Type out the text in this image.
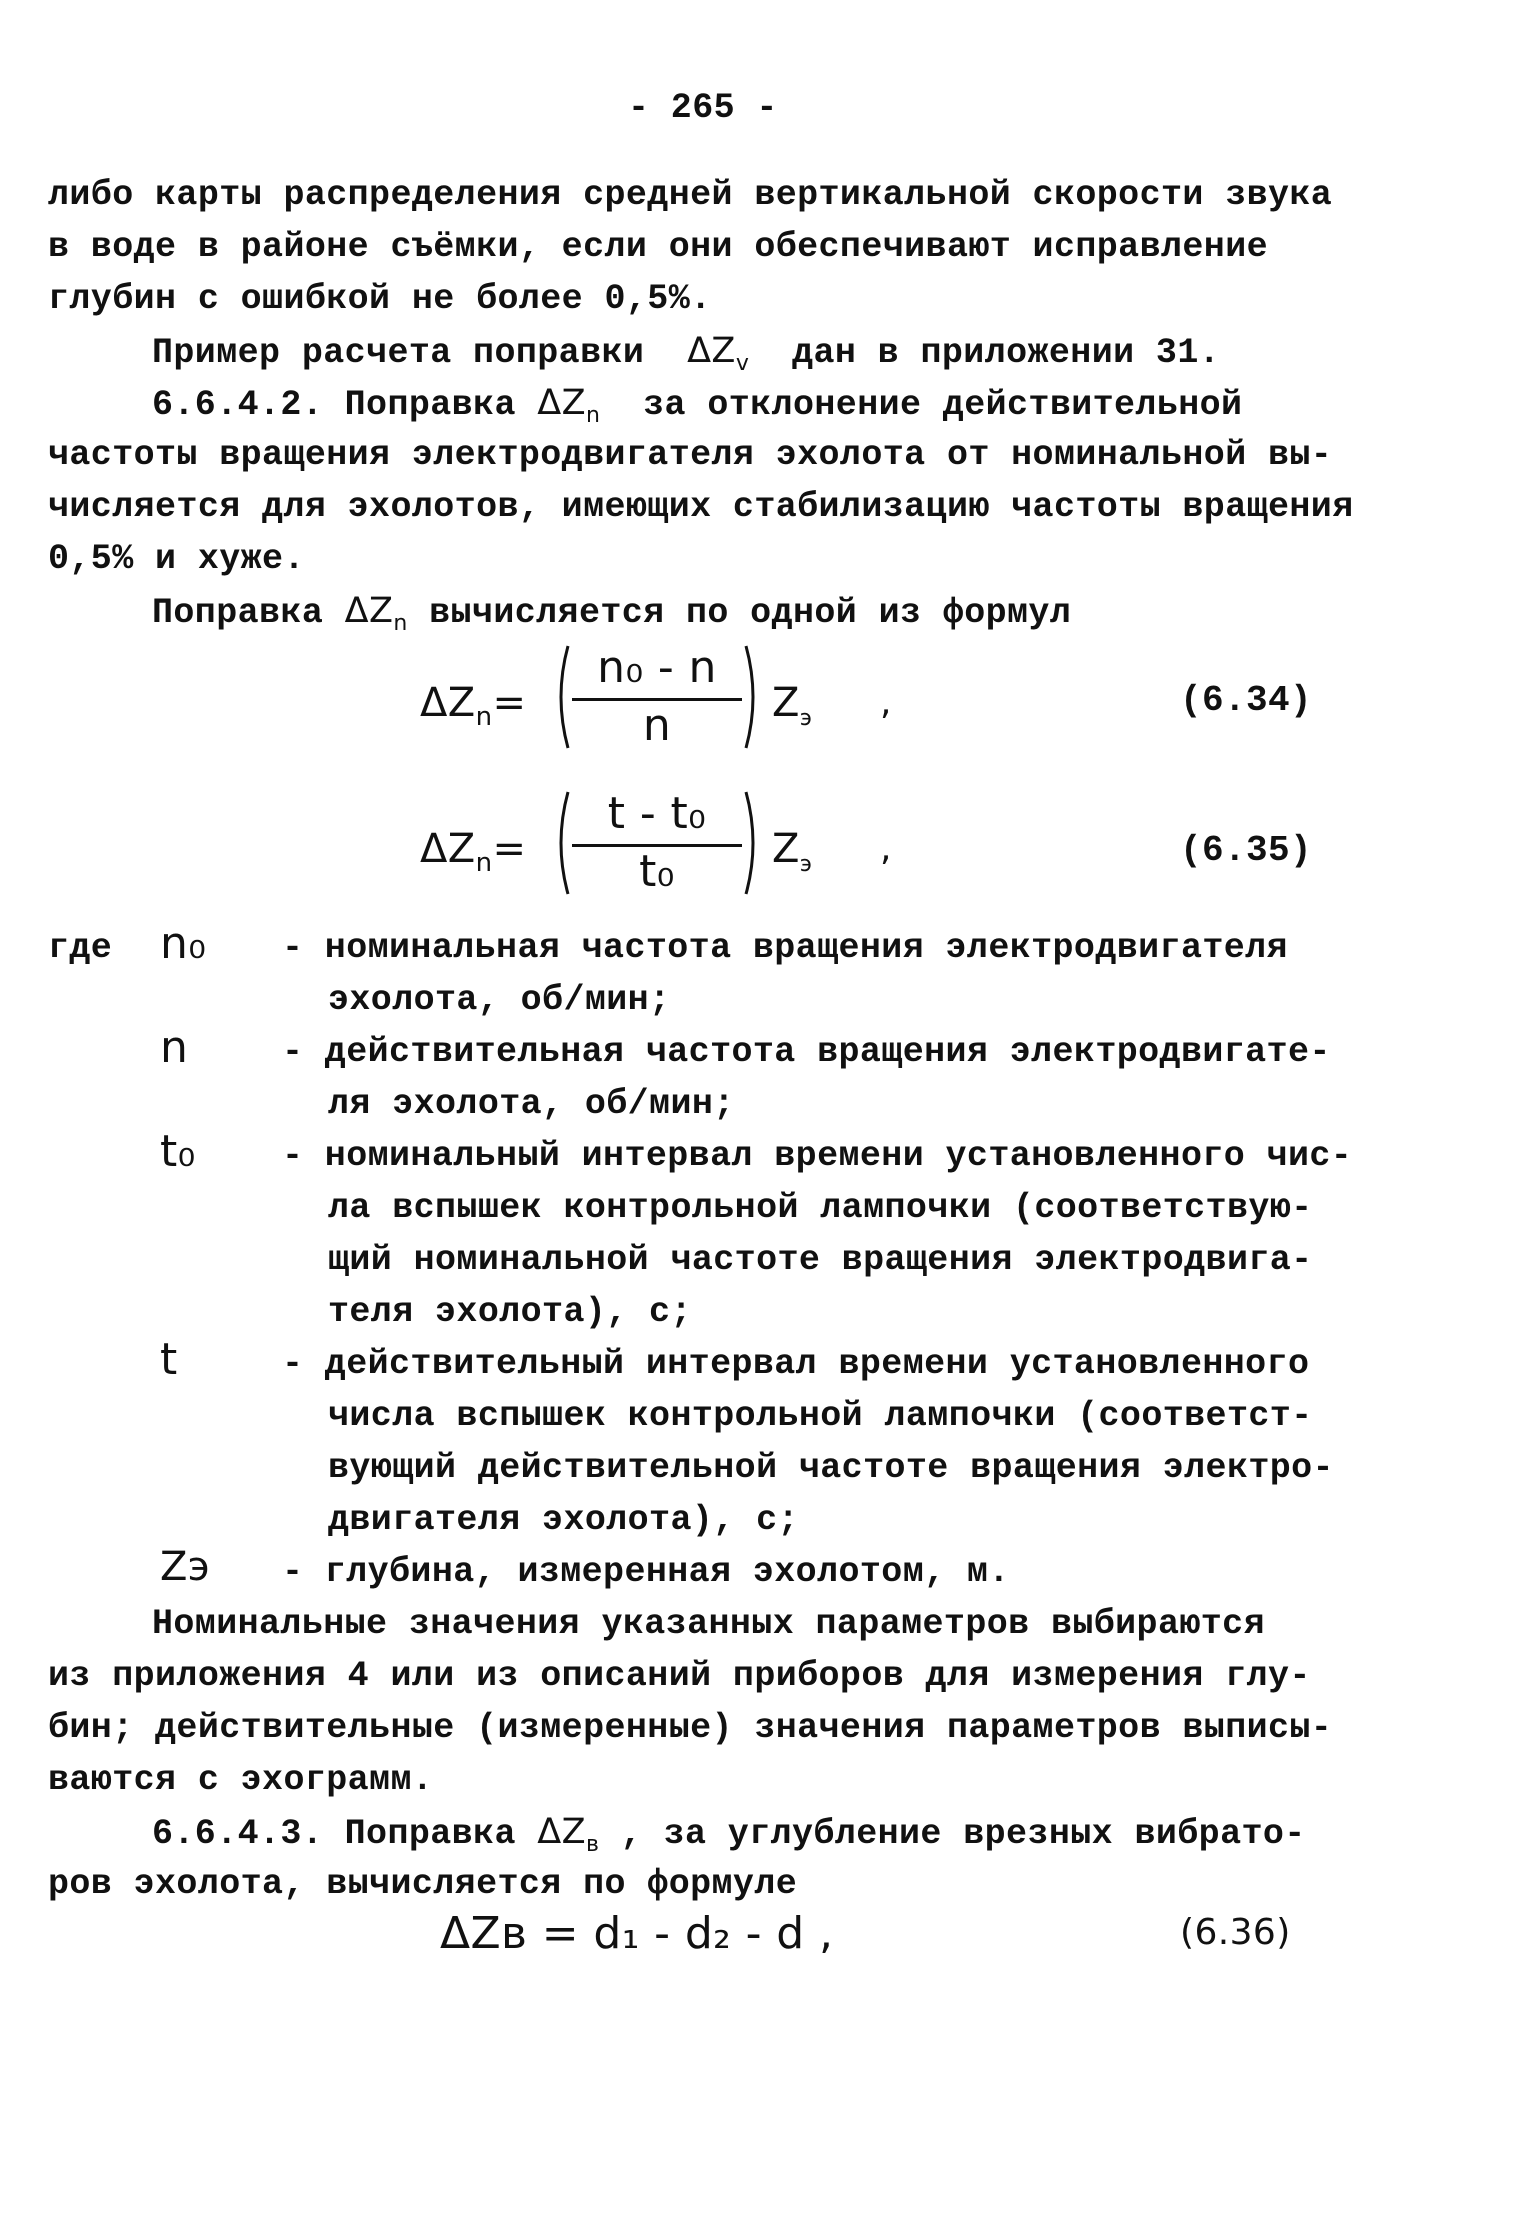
- 265 -
либо карты распределения средней вертикальной скорости звука
в воде в районе съёмки, если они обеспечивают исправление
глубин с ошибкой не более 0,5%.
Пример расчета поправки $\Delta Z_v$ дан в приложении 31.
6.6.4.2. Поправка $\Delta Z_n$ за отклонение действительной
частоты вращения электродвигателя эхолота от номинальной вы-
числяется для эхолотов, имеющих стабилизацию частоты вращения
0,5% и хуже.
Поправка $\Delta Z_n$ вычисляется по одной из формул
$\Delta Z_n=$
n₀ - n
n	$Z_э$ ,	(6.34)
$\Delta Z_n=$
t - t₀
t₀	$Z_э$ ,	(6.35)
где n₀ - номинальная частота вращения электродвигателя
эхолота, об/мин;
n	- действительная частота вращения электродвигате-
ля эхолота, об/мин;
t₀ - номинальный интервал времени установленного чис-
ла вспышек контрольной лампочки (соответствую-
щий номинальной частоте вращения электродвига-
теля эхолота), с;
t	- действительный интервал времени установленного
числа вспышек контрольной лампочки (соответст-
вующий действительной частоте вращения электро-
двигателя эхолота), с;
Zэ - глубина, измеренная эхолотом, м.
Номинальные значения указанных параметров выбираются
из приложения 4 или из описаний приборов для измерения глу-
бин; действительные (измеренные) значения параметров выписы-
ваются с эхограмм.
6.6.4.3. Поправка $\Delta Z_в$ , за углубление врезных вибрато-
ров эхолота, вычисляется по формуле
ΔZв = d₁ - d₂ - d ,	(6.36)
